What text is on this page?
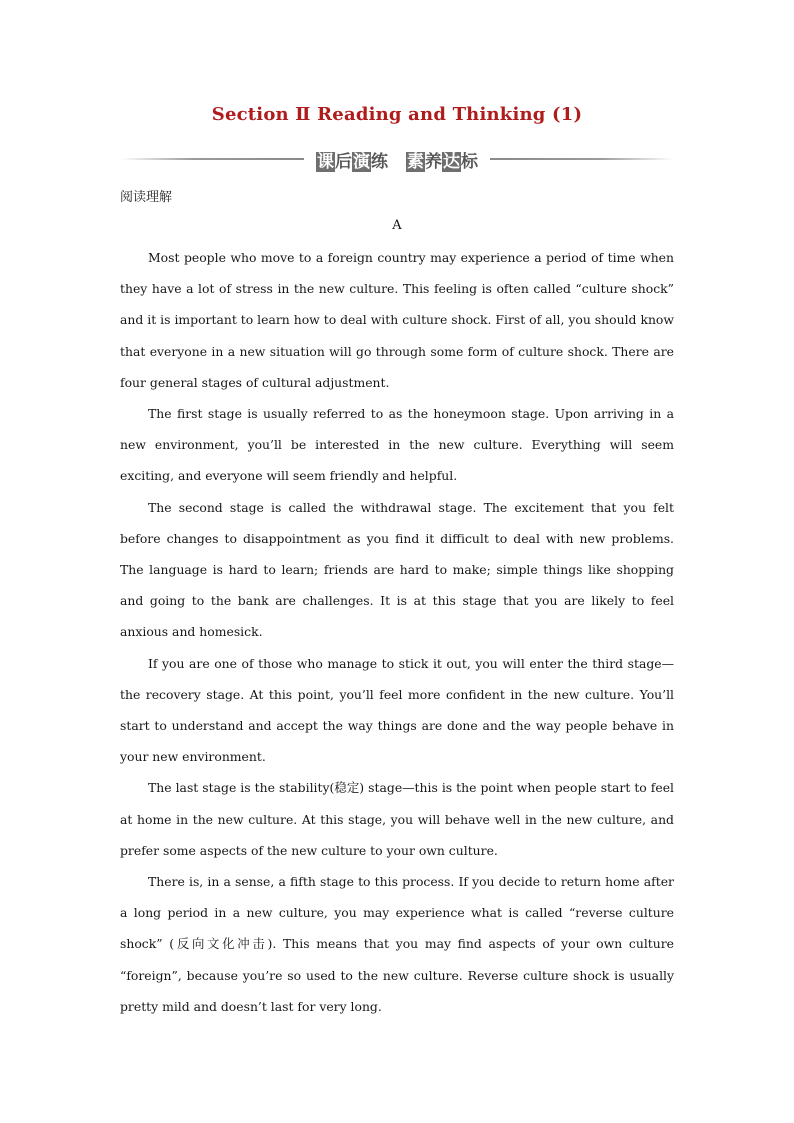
Section Ⅱ Reading and Thinking (1)
课后演练 素养达标
阅读理解
A

Most people who move to a foreign country may experience a period of time when they have a lot of stress in the new culture. This feeling is often called “culture shock” and it is important to learn how to deal with culture shock. First of all, you should know that everyone in a new situation will go through some form of culture shock. There are four general stages of cultural adjustment.

The first stage is usually referred to as the honeymoon stage. Upon arriving in a new environment, you’ll be interested in the new culture. Everything will seem exciting, and everyone will seem friendly and helpful.

The second stage is called the withdrawal stage. The excitement that you felt before changes to disappointment as you find it difficult to deal with new problems. The language is hard to learn; friends are hard to make; simple things like shopping and going to the bank are challenges. It is at this stage that you are likely to feel anxious and homesick.

If you are one of those who manage to stick it out, you will enter the third stage—the recovery stage. At this point, you’ll feel more confident in the new culture. You’ll start to understand and accept the way things are done and the way people behave in your new environment.

The last stage is the stability(稳定) stage—this is the point when people start to feel at home in the new culture. At this stage, you will behave well in the new culture, and prefer some aspects of the new culture to your own culture.

There is, in a sense, a fifth stage to this process. If you decide to return home after a long period in a new culture, you may experience what is called “reverse culture shock” (反向文化冲击). This means that you may find aspects of your own culture “foreign”, because you’re so used to the new culture. Reverse culture shock is usually pretty mild and doesn’t last for very long.
